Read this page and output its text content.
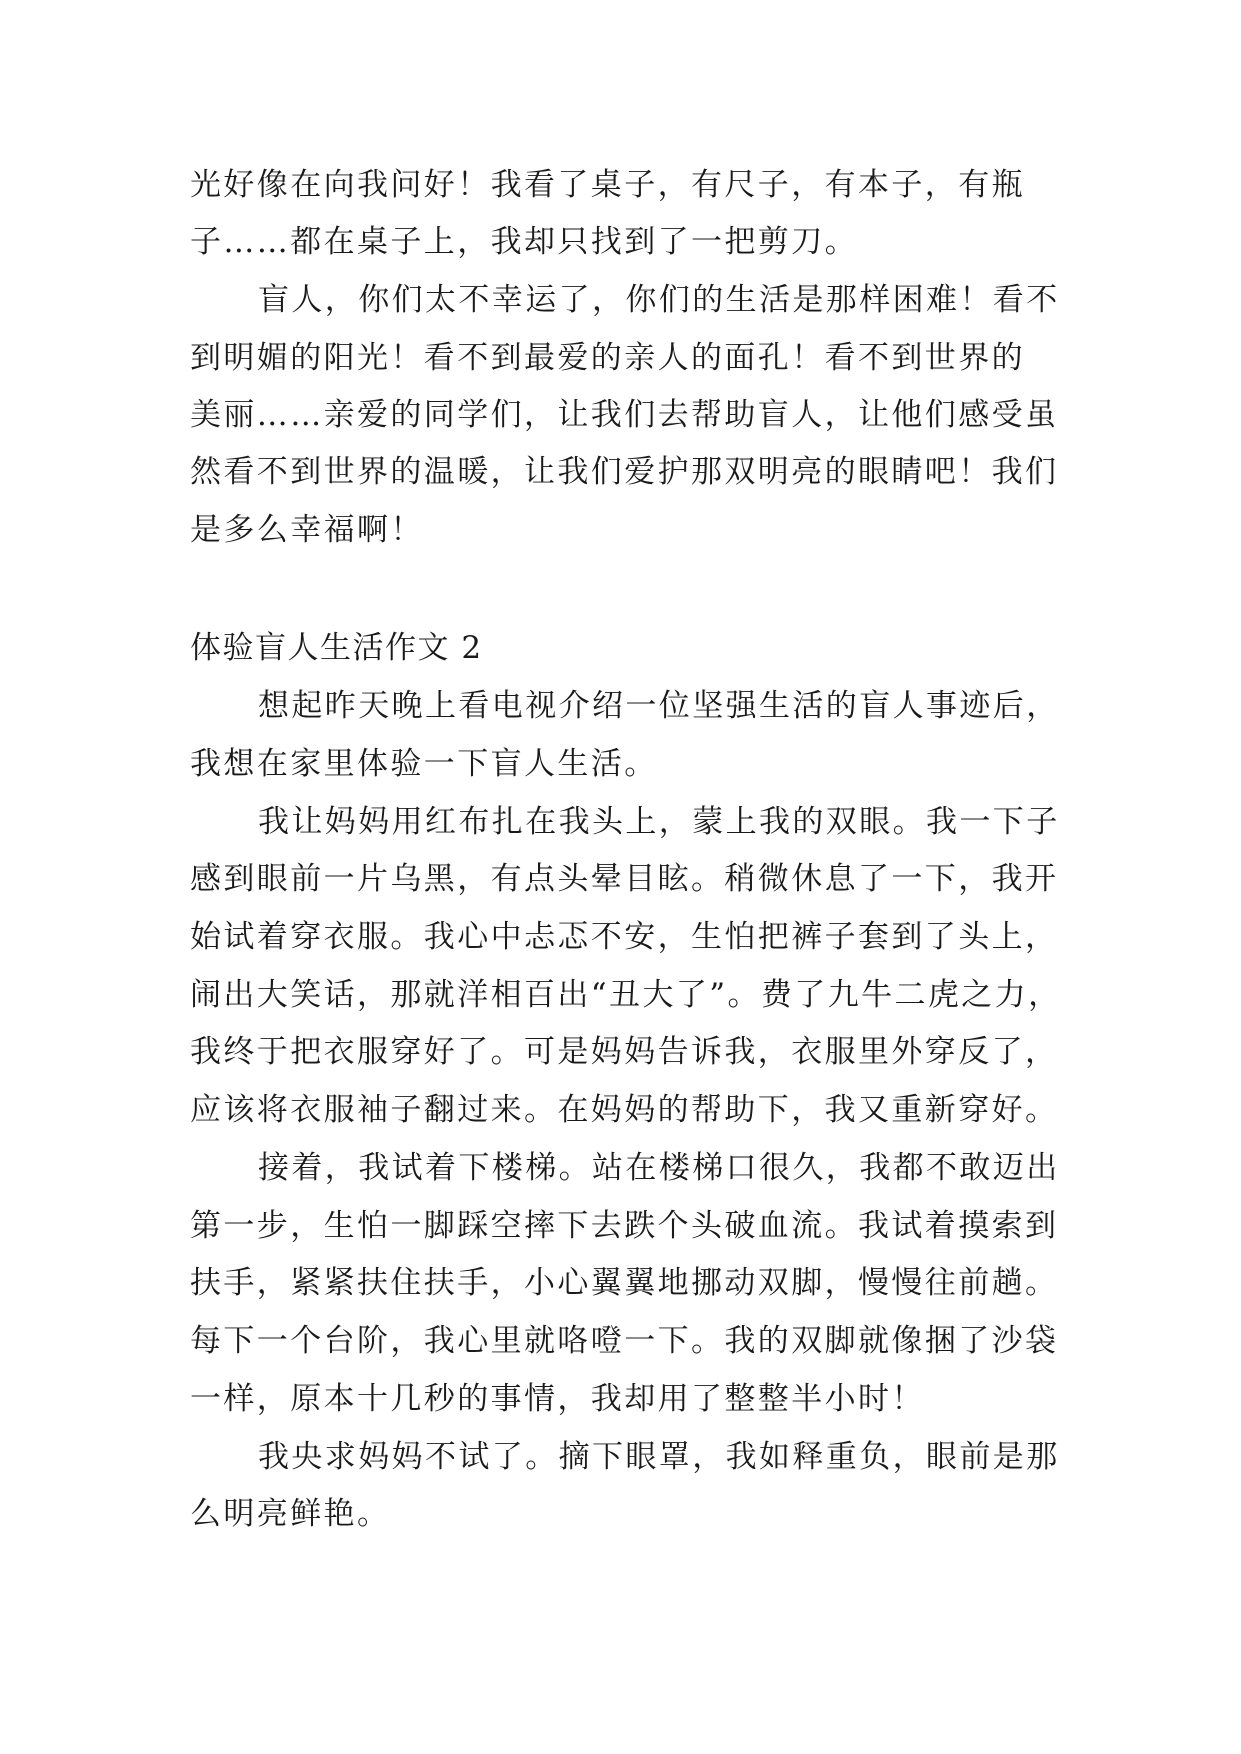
光好像在向我问好！我看了桌子，有尺子，有本子，有瓶
子……都在桌子上，我却只找到了一把剪刀。
盲人，你们太不幸运了，你们的生活是那样困难！看不
到明媚的阳光！看不到最爱的亲人的面孔！看不到世界的
美丽……亲爱的同学们，让我们去帮助盲人，让他们感受虽
然看不到世界的温暖，让我们爱护那双明亮的眼睛吧！我们
是多么幸福啊！
体验盲人生活作文 2
想起昨天晚上看电视介绍一位坚强生活的盲人事迹后，
我想在家里体验一下盲人生活。
我让妈妈用红布扎在我头上，蒙上我的双眼。我一下子
感到眼前一片乌黑，有点头晕目眩。稍微休息了一下，我开
始试着穿衣服。我心中忐忑不安，生怕把裤子套到了头上，
闹出大笑话，那就洋相百出“丑大了”。费了九牛二虎之力，
我终于把衣服穿好了。可是妈妈告诉我，衣服里外穿反了，
应该将衣服袖子翻过来。在妈妈的帮助下，我又重新穿好。
接着，我试着下楼梯。站在楼梯口很久，我都不敢迈出
第一步，生怕一脚踩空摔下去跌个头破血流。我试着摸索到
扶手，紧紧扶住扶手，小心翼翼地挪动双脚，慢慢往前趟。
每下一个台阶，我心里就咯噔一下。我的双脚就像捆了沙袋
一样，原本十几秒的事情，我却用了整整半小时！
我央求妈妈不试了。摘下眼罩，我如释重负，眼前是那
么明亮鲜艳。
